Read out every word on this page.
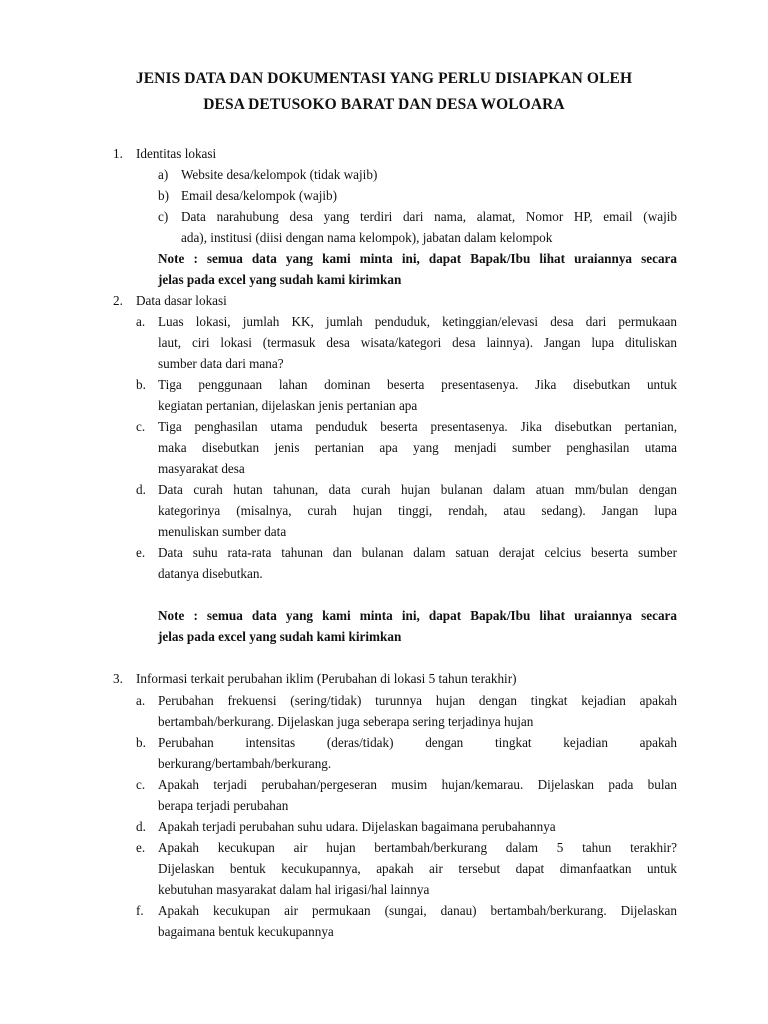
JENIS DATA DAN DOKUMENTASI YANG PERLU DISIAPKAN OLEH
DESA DETUSOKO BARAT DAN DESA WOLOARA
1. Identitas lokasi
a) Website desa/kelompok (tidak wajib)
b) Email desa/kelompok (wajib)
c) Data narahubung desa yang terdiri dari nama, alamat, Nomor HP, email (wajib
ada), institusi (diisi dengan nama kelompok), jabatan dalam kelompok
Note : semua data yang kami minta ini, dapat Bapak/Ibu lihat uraiannya secara
jelas pada excel yang sudah kami kirimkan
2. Data dasar lokasi
a. Luas lokasi, jumlah KK, jumlah penduduk, ketinggian/elevasi desa dari permukaan
laut, ciri lokasi (termasuk desa wisata/kategori desa lainnya). Jangan lupa dituliskan
sumber data dari mana?
b. Tiga penggunaan lahan dominan beserta presentasenya. Jika disebutkan untuk
kegiatan pertanian, dijelaskan jenis pertanian apa
c. Tiga penghasilan utama penduduk beserta presentasenya. Jika disebutkan pertanian,
maka disebutkan jenis pertanian apa yang menjadi sumber penghasilan utama
masyarakat desa
d. Data curah hutan tahunan, data curah hujan bulanan dalam atuan mm/bulan dengan
kategorinya (misalnya, curah hujan tinggi, rendah, atau sedang). Jangan lupa
menuliskan sumber data
e. Data suhu rata-rata tahunan dan bulanan dalam satuan derajat celcius beserta sumber
datanya disebutkan.
Note : semua data yang kami minta ini, dapat Bapak/Ibu lihat uraiannya secara
jelas pada excel yang sudah kami kirimkan
3. Informasi terkait perubahan iklim (Perubahan di lokasi 5 tahun terakhir)
a. Perubahan frekuensi (sering/tidak) turunnya hujan dengan tingkat kejadian apakah
bertambah/berkurang. Dijelaskan juga seberapa sering terjadinya hujan
b. Perubahan intensitas (deras/tidak) dengan tingkat kejadian apakah
berkurang/bertambah/berkurang.
c. Apakah terjadi perubahan/pergeseran musim hujan/kemarau. Dijelaskan pada bulan
berapa terjadi perubahan
d. Apakah terjadi perubahan suhu udara. Dijelaskan bagaimana perubahannya
e. Apakah kecukupan air hujan bertambah/berkurang dalam 5 tahun terakhir?
Dijelaskan bentuk kecukupannya, apakah air tersebut dapat dimanfaatkan untuk
kebutuhan masyarakat dalam hal irigasi/hal lainnya
f. Apakah kecukupan air permukaan (sungai, danau) bertambah/berkurang. Dijelaskan
bagaimana bentuk kecukupannya
